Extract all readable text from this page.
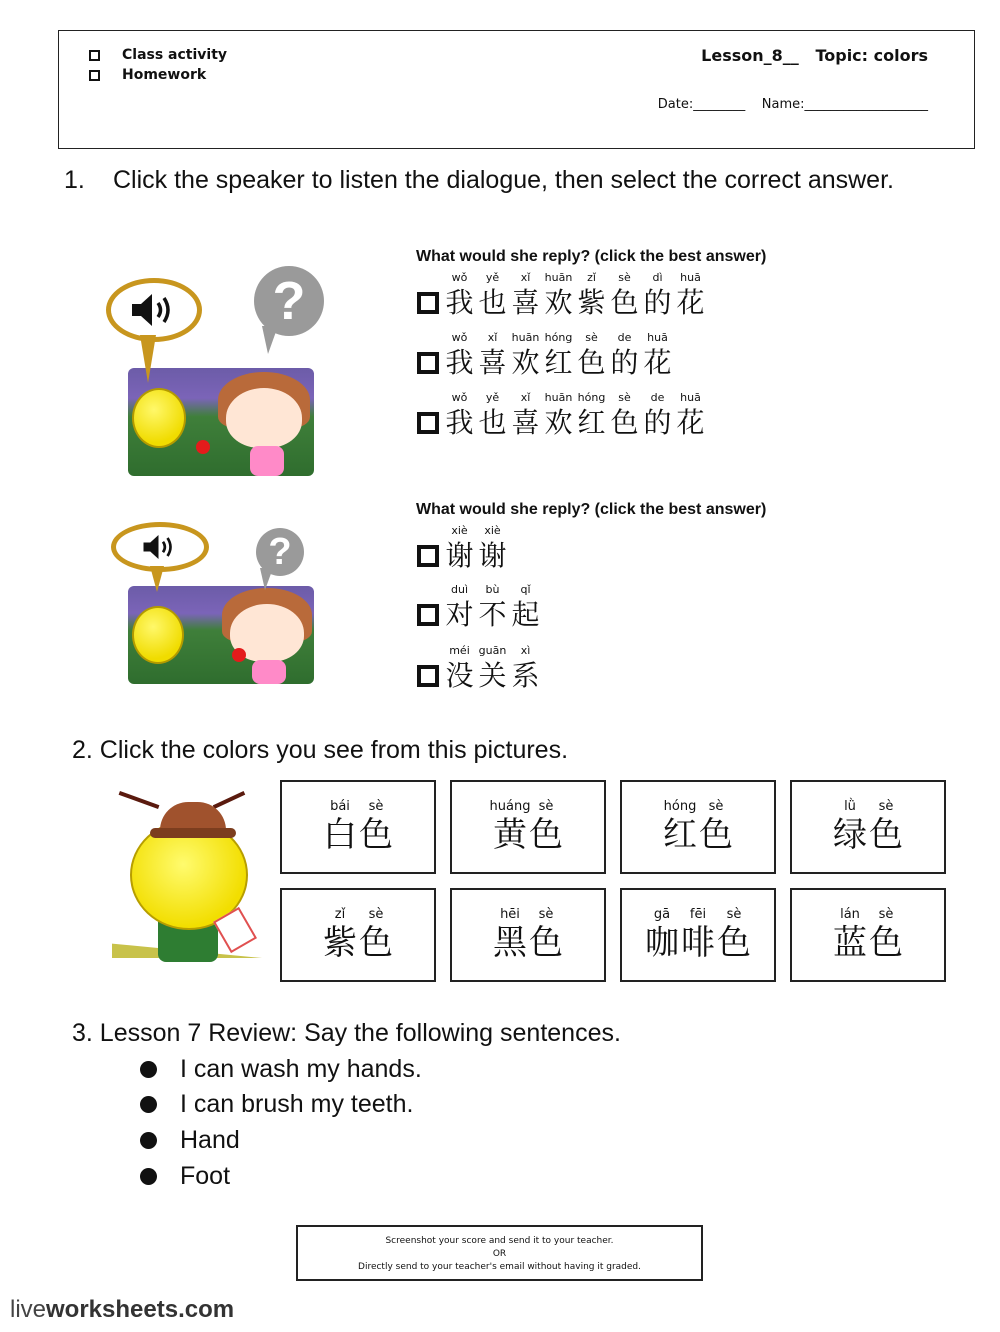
Class activity
Homework
Lesson_8__   Topic: colors
Date:________    Name:___________________
1. Click the speaker to listen the dialogue, then select the correct answer.
?
?
What would she reply? (click the best answer)
What would she reply? (click the best answer)
wǒ
我
yě
也
xǐ
喜
huān
欢
zǐ
紫
sè
色
dì
的
huā
花
wǒ
我
xǐ
喜
huān
欢
hóng
红
sè
色
de
的
huā
花
wǒ
我
yě
也
xǐ
喜
huān
欢
hóng
红
sè
色
de
的
huā
花
xiè
谢
xiè
谢
duì
对
bù
不
qǐ
起
méi
没
guān
关
xì
系
2. Click the colors you see from this pictures.
bái
白
sè
色
huáng
黄
sè
色
hóng
红
sè
色
lǜ
绿
sè
色
zǐ
紫
sè
色
hēi
黑
sè
色
gā
咖
fēi
啡
sè
色
lán
蓝
sè
色
3. Lesson 7 Review: Say the following sentences.
I can wash my hands.
I can brush my teeth.
Hand
Foot
Screenshot your score and send it to your teacher.
OR
Directly send to your teacher's email without having it graded.
liveworksheets.com
